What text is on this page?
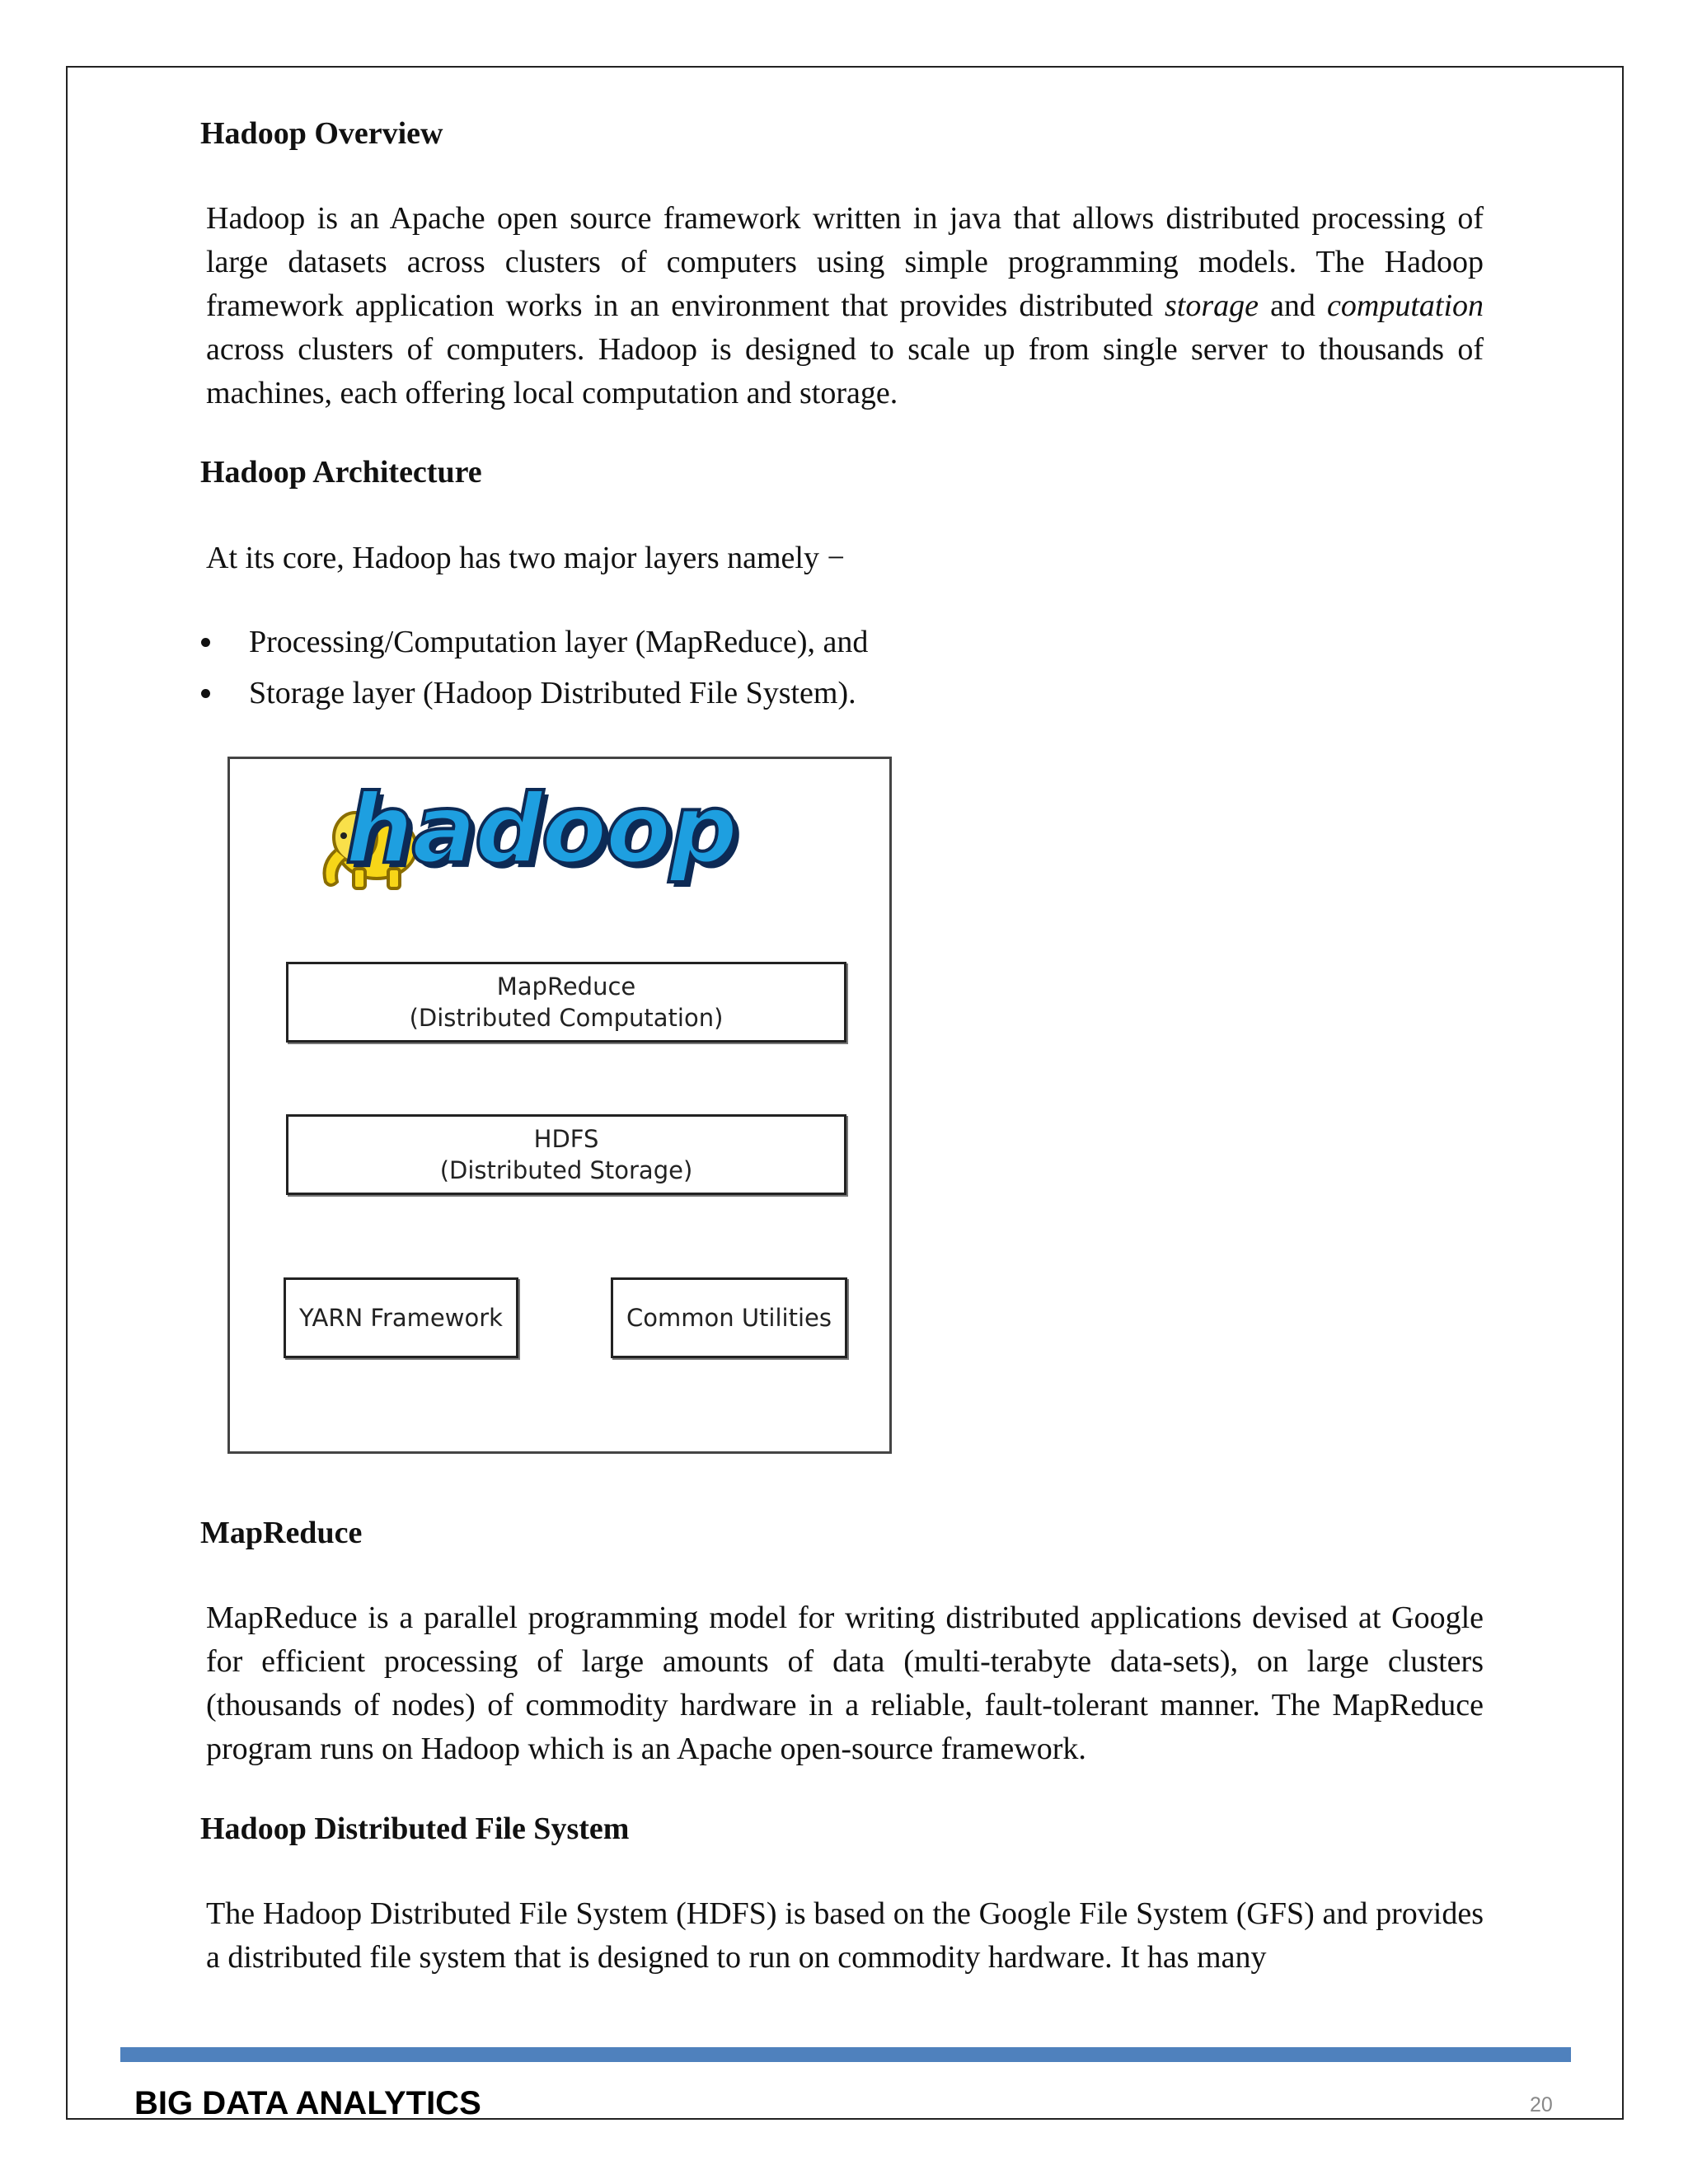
Hadoop Overview

Hadoop is an Apache open source framework written in java that allows distributed processing of large datasets across clusters of computers using simple programming models. The Hadoop framework application works in an environment that provides distributed storage and computation across clusters of computers. Hadoop is designed to scale up from single server to thousands of machines, each offering local computation and storage.

Hadoop Architecture

At its core, Hadoop has two major layers namely −

Processing/Computation layer (MapReduce), and
Storage layer (Hadoop Distributed File System).
hadoop
MapReduce
(Distributed Computation)
HDFS
(Distributed Storage)
YARN Framework	Common Utilities
MapReduce

MapReduce is a parallel programming model for writing distributed applications devised at Google for efficient processing of large amounts of data (multi-terabyte data-sets), on large clusters (thousands of nodes) of commodity hardware in a reliable, fault-tolerant manner. The MapReduce program runs on Hadoop which is an Apache open-source framework.

Hadoop Distributed File System

The Hadoop Distributed File System (HDFS) is based on the Google File System (GFS) and provides a distributed file system that is designed to run on commodity hardware. It has many

BIG DATA ANALYTICS	20
